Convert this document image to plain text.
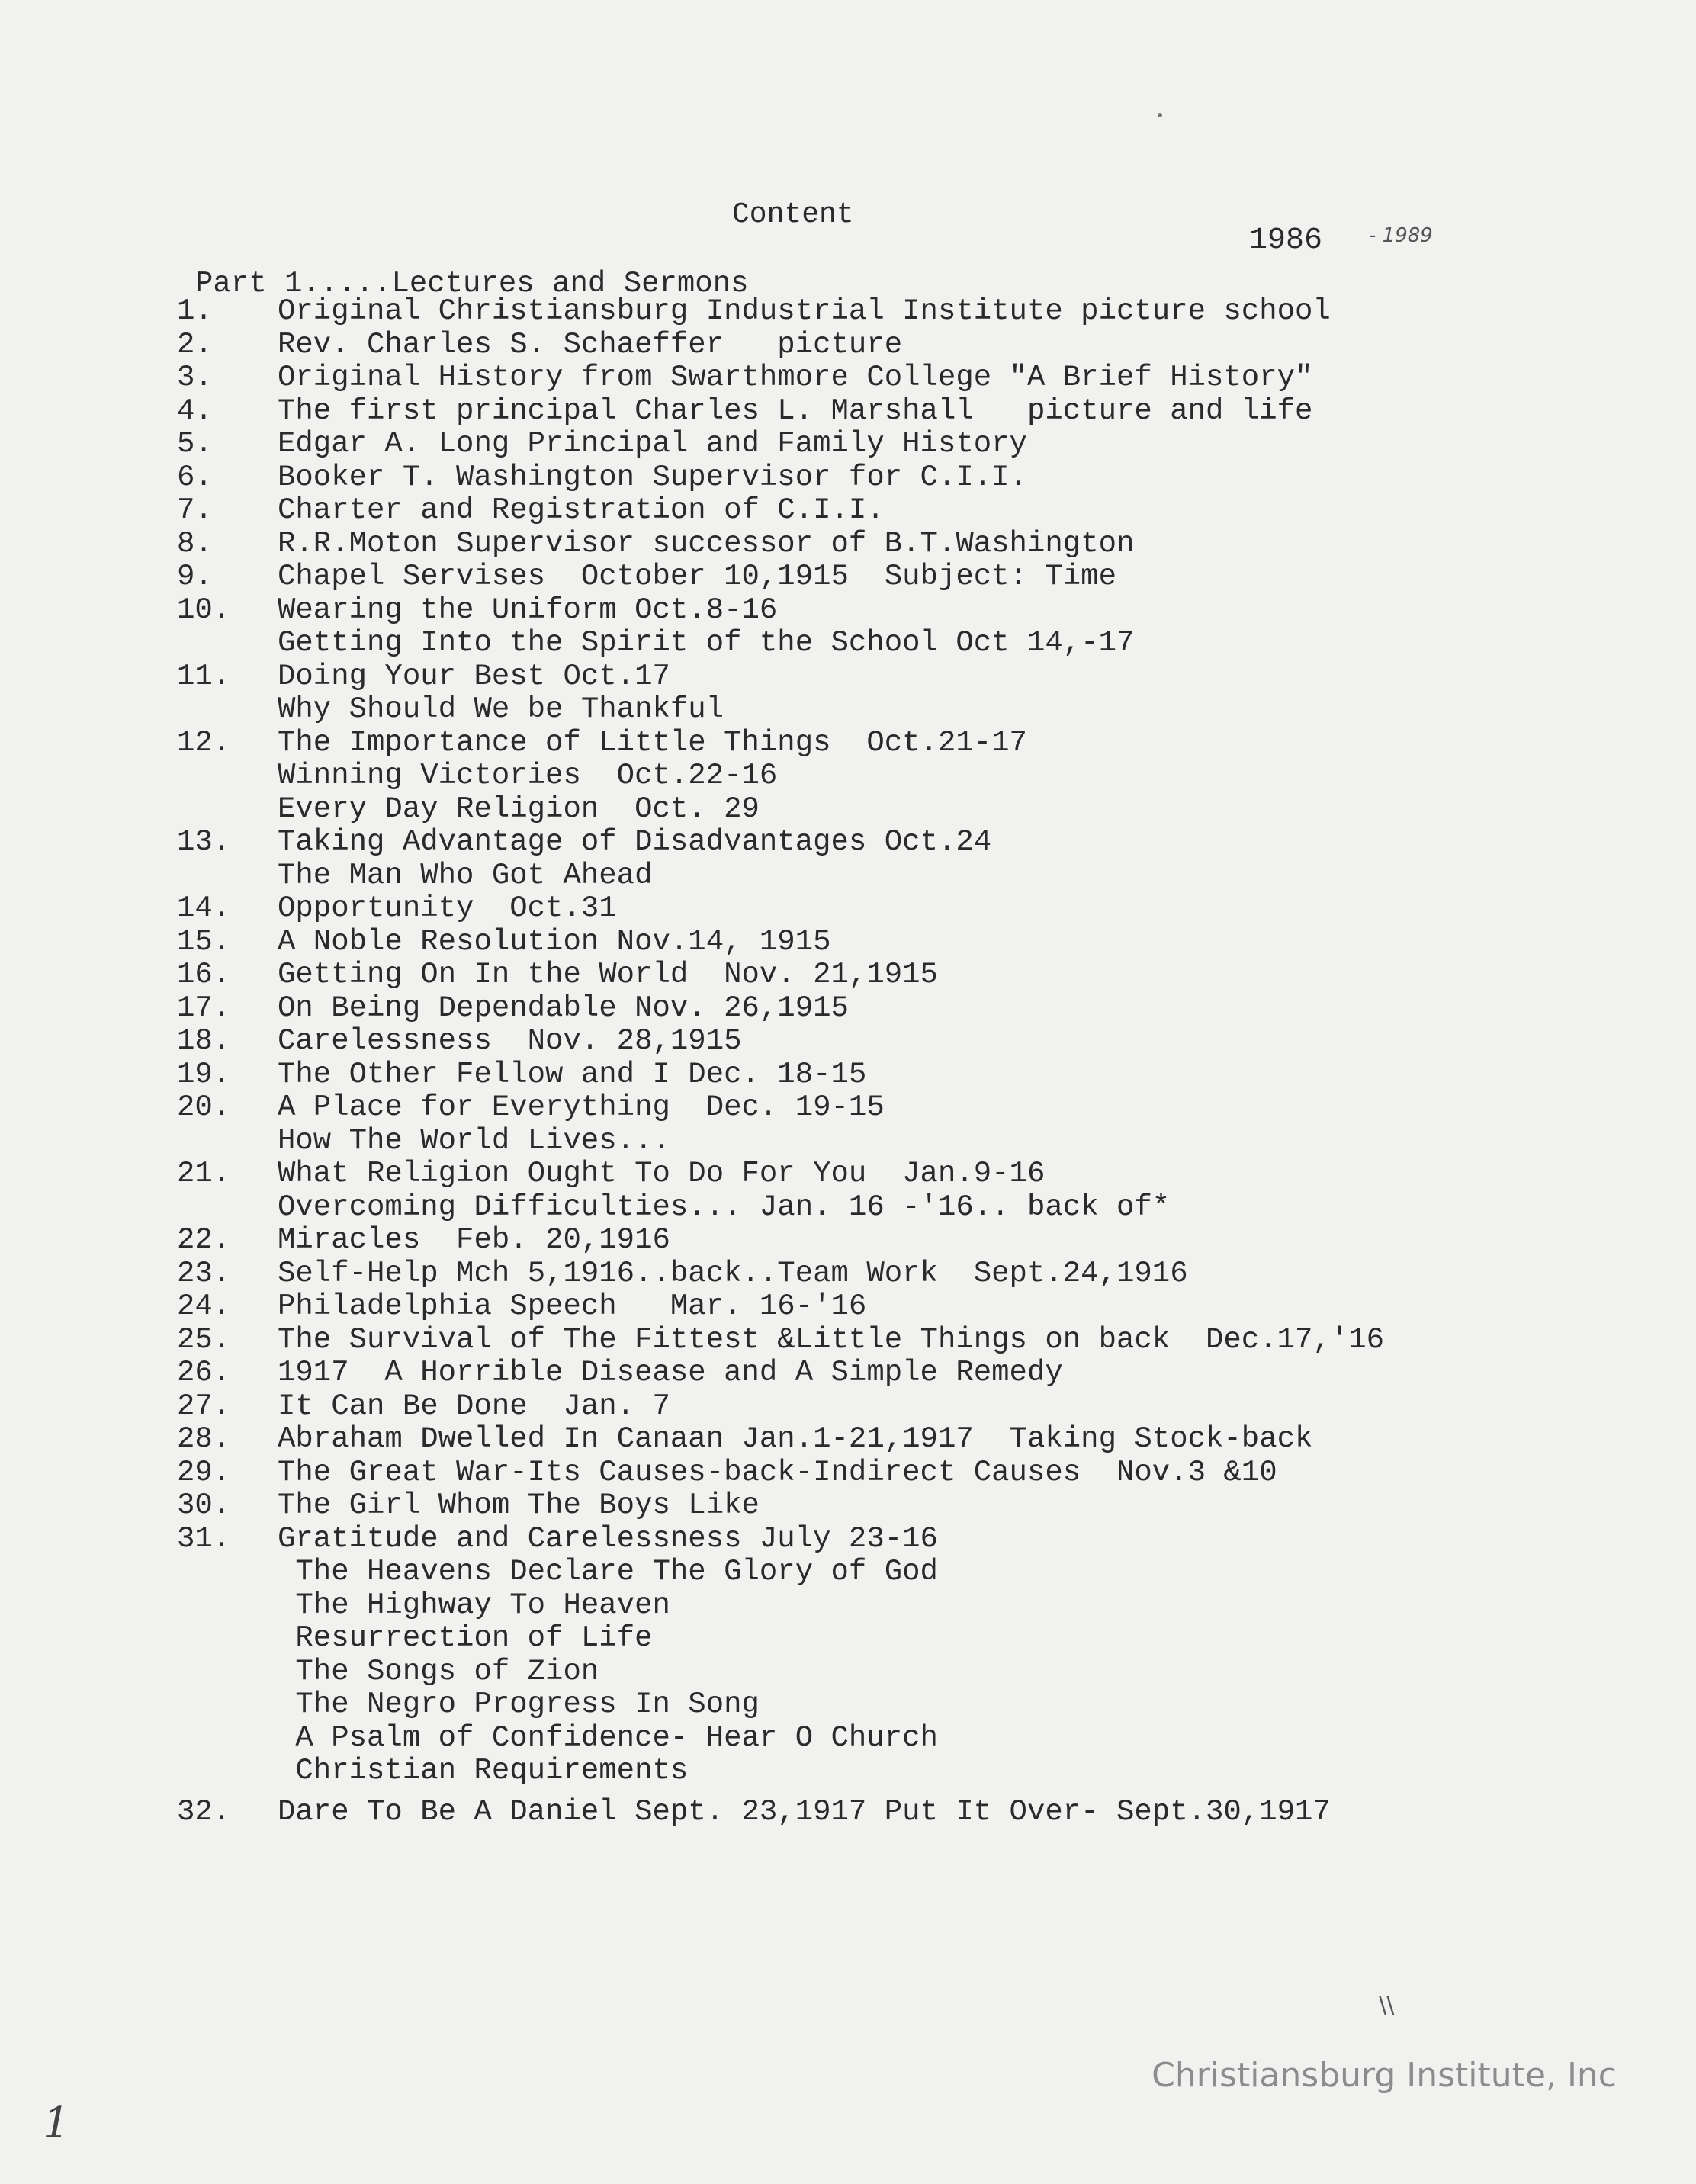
Content
1986 - 1989
Part 1.....Lectures and Sermons
1.	Original Christiansburg Industrial Institute picture school
2.	Rev. Charles S. Schaeffer   picture
3.	Original History from Swarthmore College "A Brief History"
4.	The first principal Charles L. Marshall   picture and life
5.	Edgar A. Long Principal and Family History
6.	Booker T. Washington Supervisor for C.I.I.
7.	Charter and Registration of C.I.I.
8.	R.R.Moton Supervisor successor of B.T.Washington
9.	Chapel Servises  October 10,1915  Subject: Time
10. Wearing the Uniform Oct.8-16
Getting Into the Spirit of the School Oct 14,-17
11. Doing Your Best Oct.17
Why Should We be Thankful
12. The Importance of Little Things  Oct.21-17
Winning Victories  Oct.22-16
Every Day Religion  Oct. 29
13. Taking Advantage of Disadvantages Oct.24
The Man Who Got Ahead
14. Opportunity  Oct.31
15. A Noble Resolution Nov.14, 1915
16. Getting On In the World  Nov. 21,1915
17. On Being Dependable Nov. 26,1915
18. Carelessness  Nov. 28,1915
19. The Other Fellow and I Dec. 18-15
20. A Place for Everything  Dec. 19-15
How The World Lives...
21. What Religion Ought To Do For You  Jan.9-16
Overcoming Difficulties... Jan. 16 -'16.. back of*
22. Miracles  Feb. 20,1916
23. Self-Help Mch 5,1916..back..Team Work  Sept.24,1916
24. Philadelphia Speech   Mar. 16-'16
25. The Survival of The Fittest &Little Things on back  Dec.17,'16
26. 1917  A Horrible Disease and A Simple Remedy
27. It Can Be Done  Jan. 7
28. Abraham Dwelled In Canaan Jan.1-21,1917  Taking Stock-back
29. The Great War-Its Causes-back-Indirect Causes  Nov.3 &10
30. The Girl Whom The Boys Like
31. Gratitude and Carelessness July 23-16
The Heavens Declare The Glory of God
The Highway To Heaven
Resurrection of Life
The Songs of Zion
The Negro Progress In Song
A Psalm of Confidence- Hear O Church
Christian Requirements
32. Dare To Be A Daniel Sept. 23,1917 Put It Over- Sept.30,1917
\\
Christiansburg Institute, Inc
1
